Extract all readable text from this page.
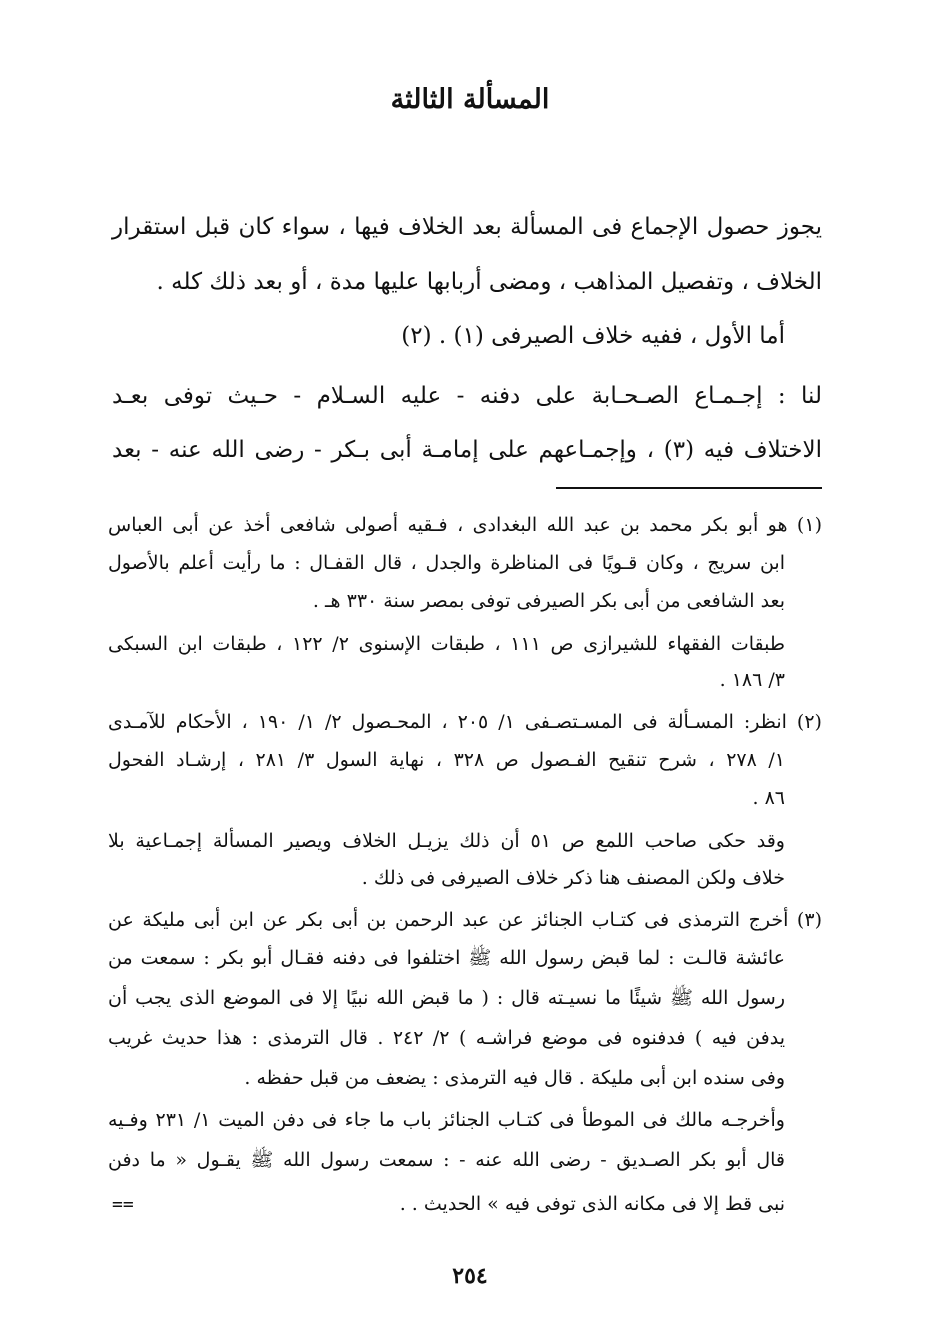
المسألة الثالثة
يجوز حصول الإجماع فى المسألة بعد الخلاف فيها ، سواء كان قبل استقرار
الخلاف ، وتفصيل المذاهب ، ومضى أربابها عليها مدة ، أو بعد ذلك كله .
أما الأول ، ففيه خلاف الصيرفى (١) . (٢)
لنا : إجـمـاع الصـحـابة على دفنه - عليه السـلام - حـيث توفى بعـد
الاختلاف فيه (٣) ، وإجمـاعهم على إمامـة أبى بـكر - رضى الله عنه - بعد
(١) هو أبو بكر محمد بن عبد الله البغدادى ، فـقيه أصولى شافعى أخذ عن أبى العباس
ابن سريج ، وكان قـويًا فى المناظرة والجدل ، قال القفـال : ما رأيت أعلم بالأصول
بعد الشافعى من أبى بكر الصيرفى توفى بمصر سنة ٣٣٠ هـ .
طبقات الفقهاء للشيرازى ص ١١١ ، طبقات الإسنوى ٢/ ١٢٢ ، طبقات ابن السبكى
٣/ ١٨٦ .
(٢) انظر: المسـألة فى المسـتصـفى ١/ ٢٠٥ ، المحـصول ٢/ ١/ ١٩٠ ، الأحكام للآمـدى
١/ ٢٧٨ ، شرح تنقيح الفـصول ص ٣٢٨ ، نهاية السول ٣/ ٢٨١ ، إرشـاد الفحول
٨٦ .
وقد حكى صاحب اللمع ص ٥١ أن ذلك يزيـل الخلاف ويصير المسألة إجمـاعية بلا
خلاف ولكن المصنف هنا ذكر خلاف الصيرفى فى ذلك .
(٣) أخرج الترمذى فى كتـاب الجنائز عن عبد الرحمن بن أبى بكر عن ابن أبى مليكة عن
عائشة قالـت : لما قبض رسول الله ﷺ اختلفوا فى دفنه فقـال أبو بكر : سمعت من
رسول الله ﷺ شيئًا ما نسيـته قال : ( ما قبض الله نبيًا إلا فى الموضع الذى يجب أن
يدفن فيه ) فدفنوه فى موضع فراشـه ) ٢/ ٢٤٢ . قال الترمذى : هذا حديث غريب
وفى سنده ابن أبى مليكة . قال فيه الترمذى : يضعف من قبل حفظه .
وأخرجـه مالك فى الموطأ فى كتـاب الجنائز باب ما جاء فى دفن الميت ١/ ٢٣١ وفـيه
قال أبو بكر الصـديق - رضى الله عنه - : سمعت رسول الله ﷺ يقـول « ما دفن
نبى قط إلا فى مكانه الذى توفى فيه » الحديث . .
==
٢٥٤
